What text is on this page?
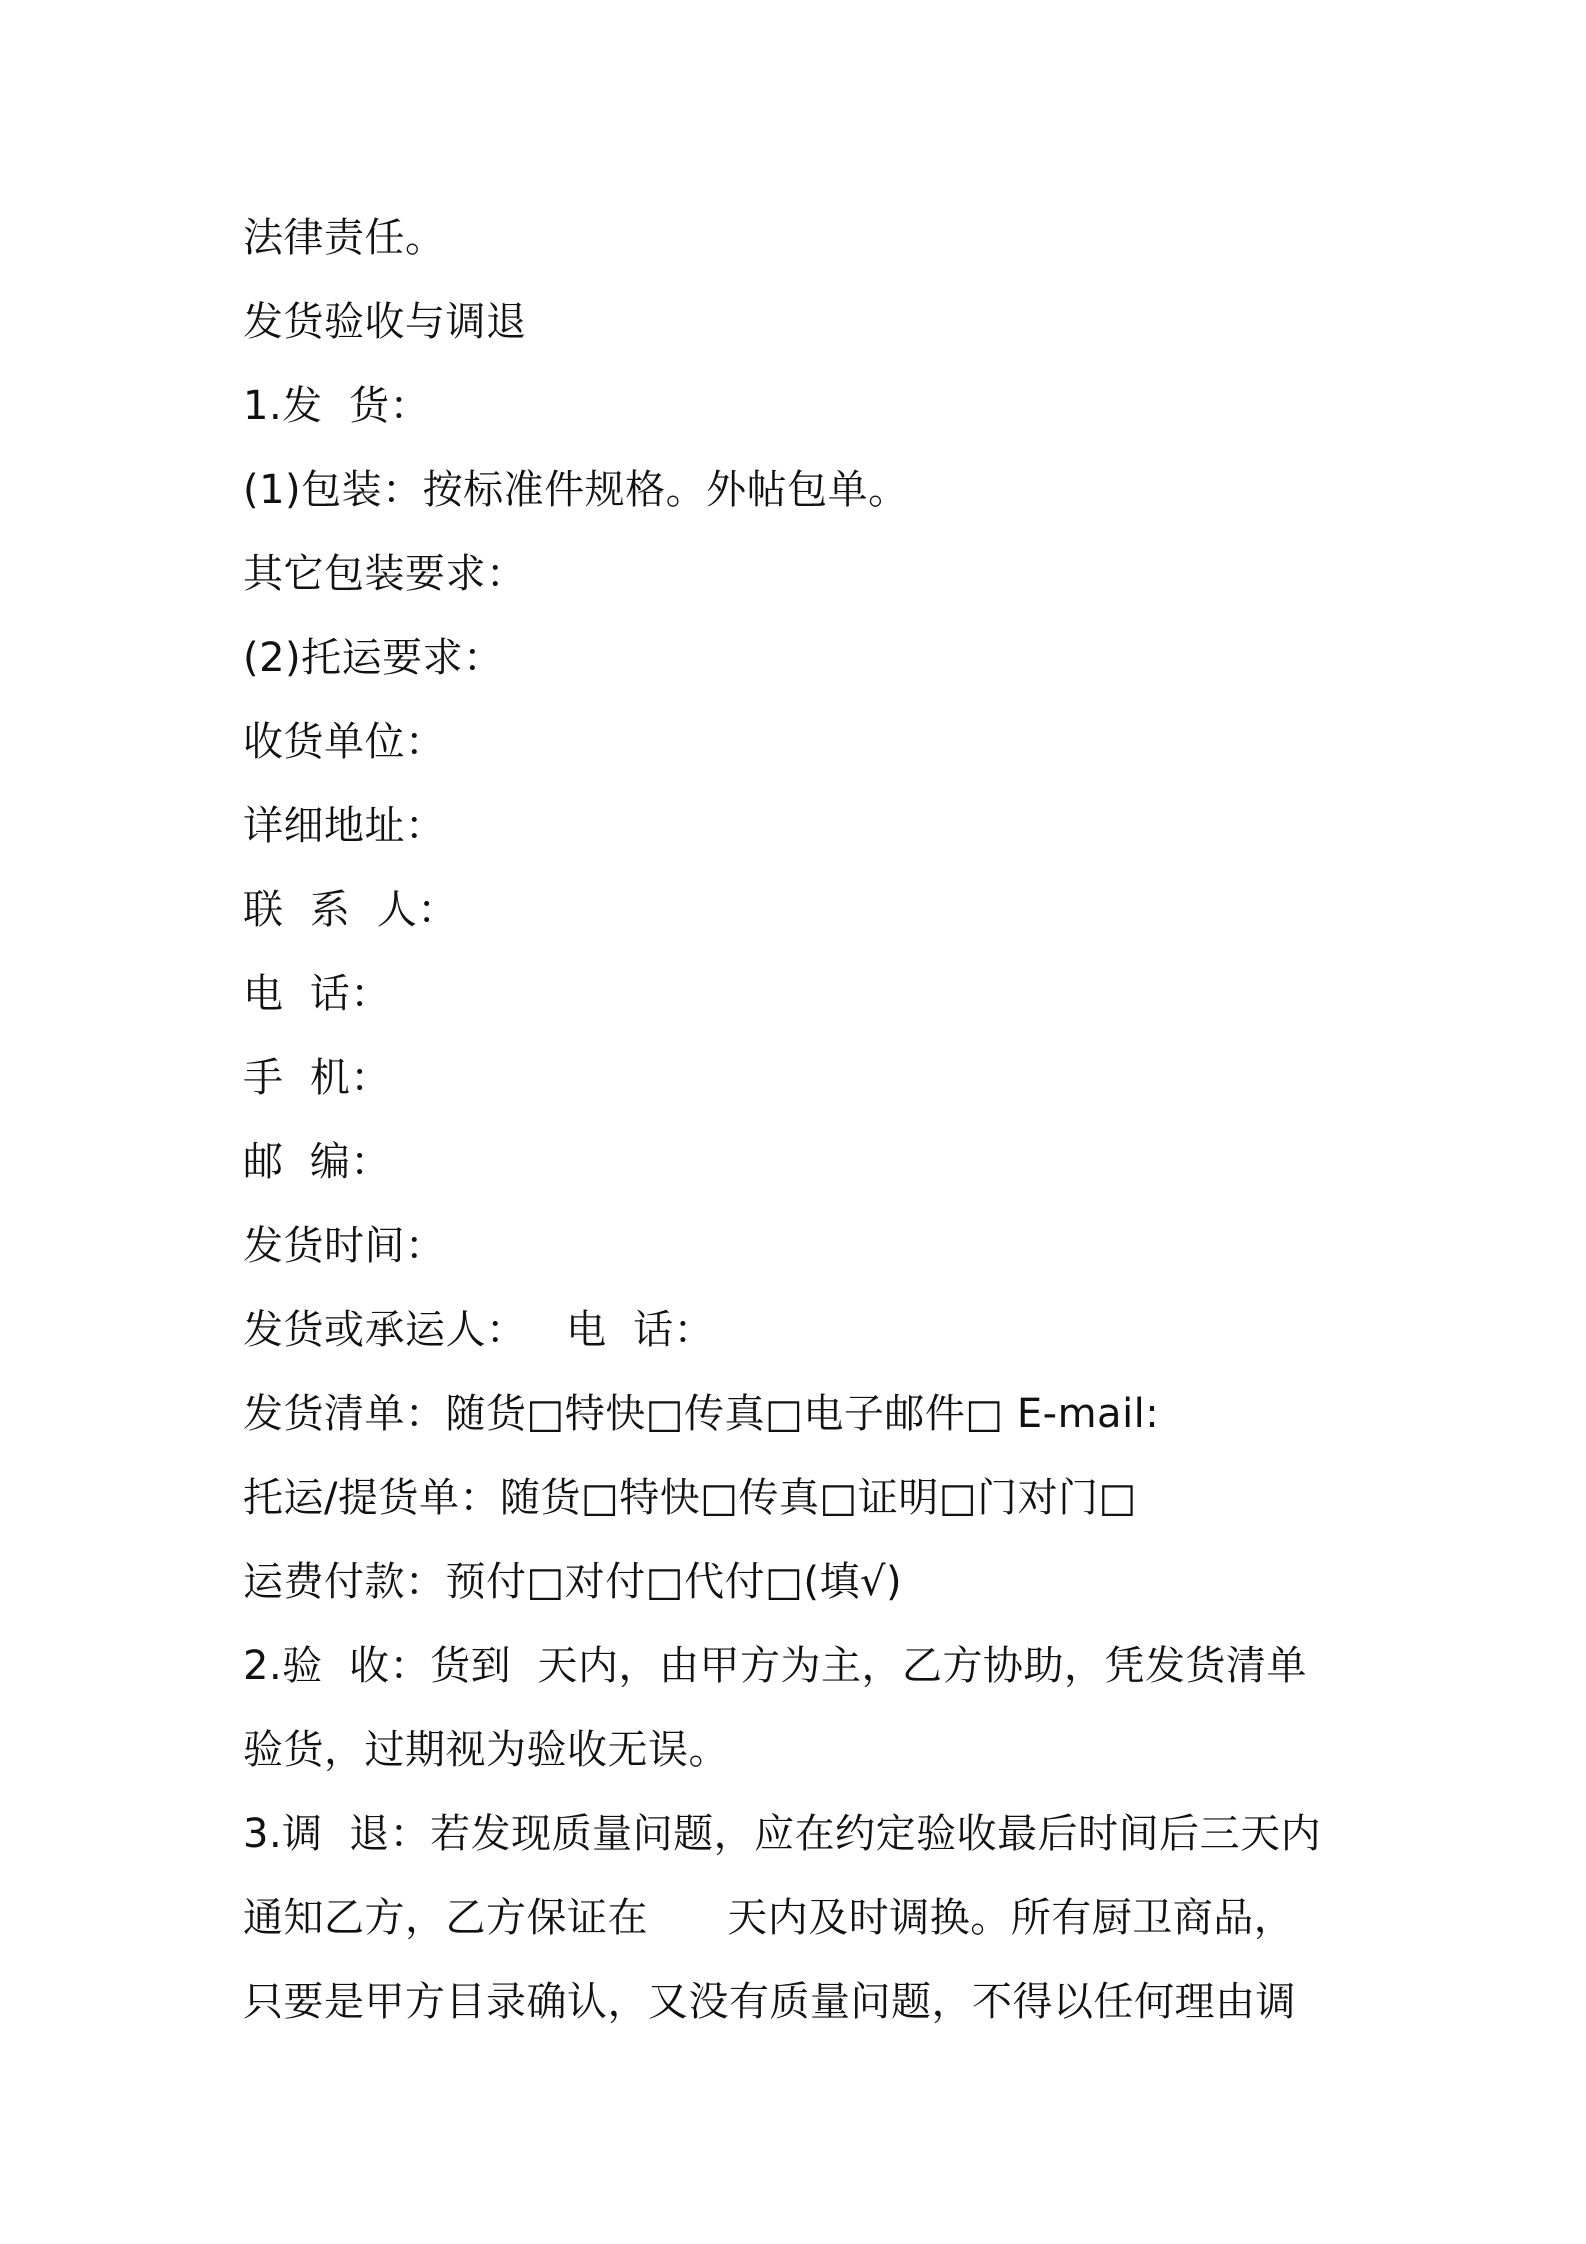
法律责任。
发货验收与调退
1.发  货：
(1)包装：按标准件规格。外帖包单。
其它包装要求：
(2)托运要求：
收货单位：
详细地址：
联  系  人：
电  话：
手  机：
邮  编：
发货时间：
发货或承运人：   电  话：
发货清单：随货□特快□传真□电子邮件□ E-mail:
托运/提货单：随货□特快□传真□证明□门对门□
运费付款：预付□对付□代付□(填√)
2.验  收：货到  天内，由甲方为主，乙方协助，凭发货清单
验货，过期视为验收无误。
3.调  退：若发现质量问题，应在约定验收最后时间后三天内
通知乙方，乙方保证在      天内及时调换。所有厨卫商品，
只要是甲方目录确认，又没有质量问题，不得以任何理由调
